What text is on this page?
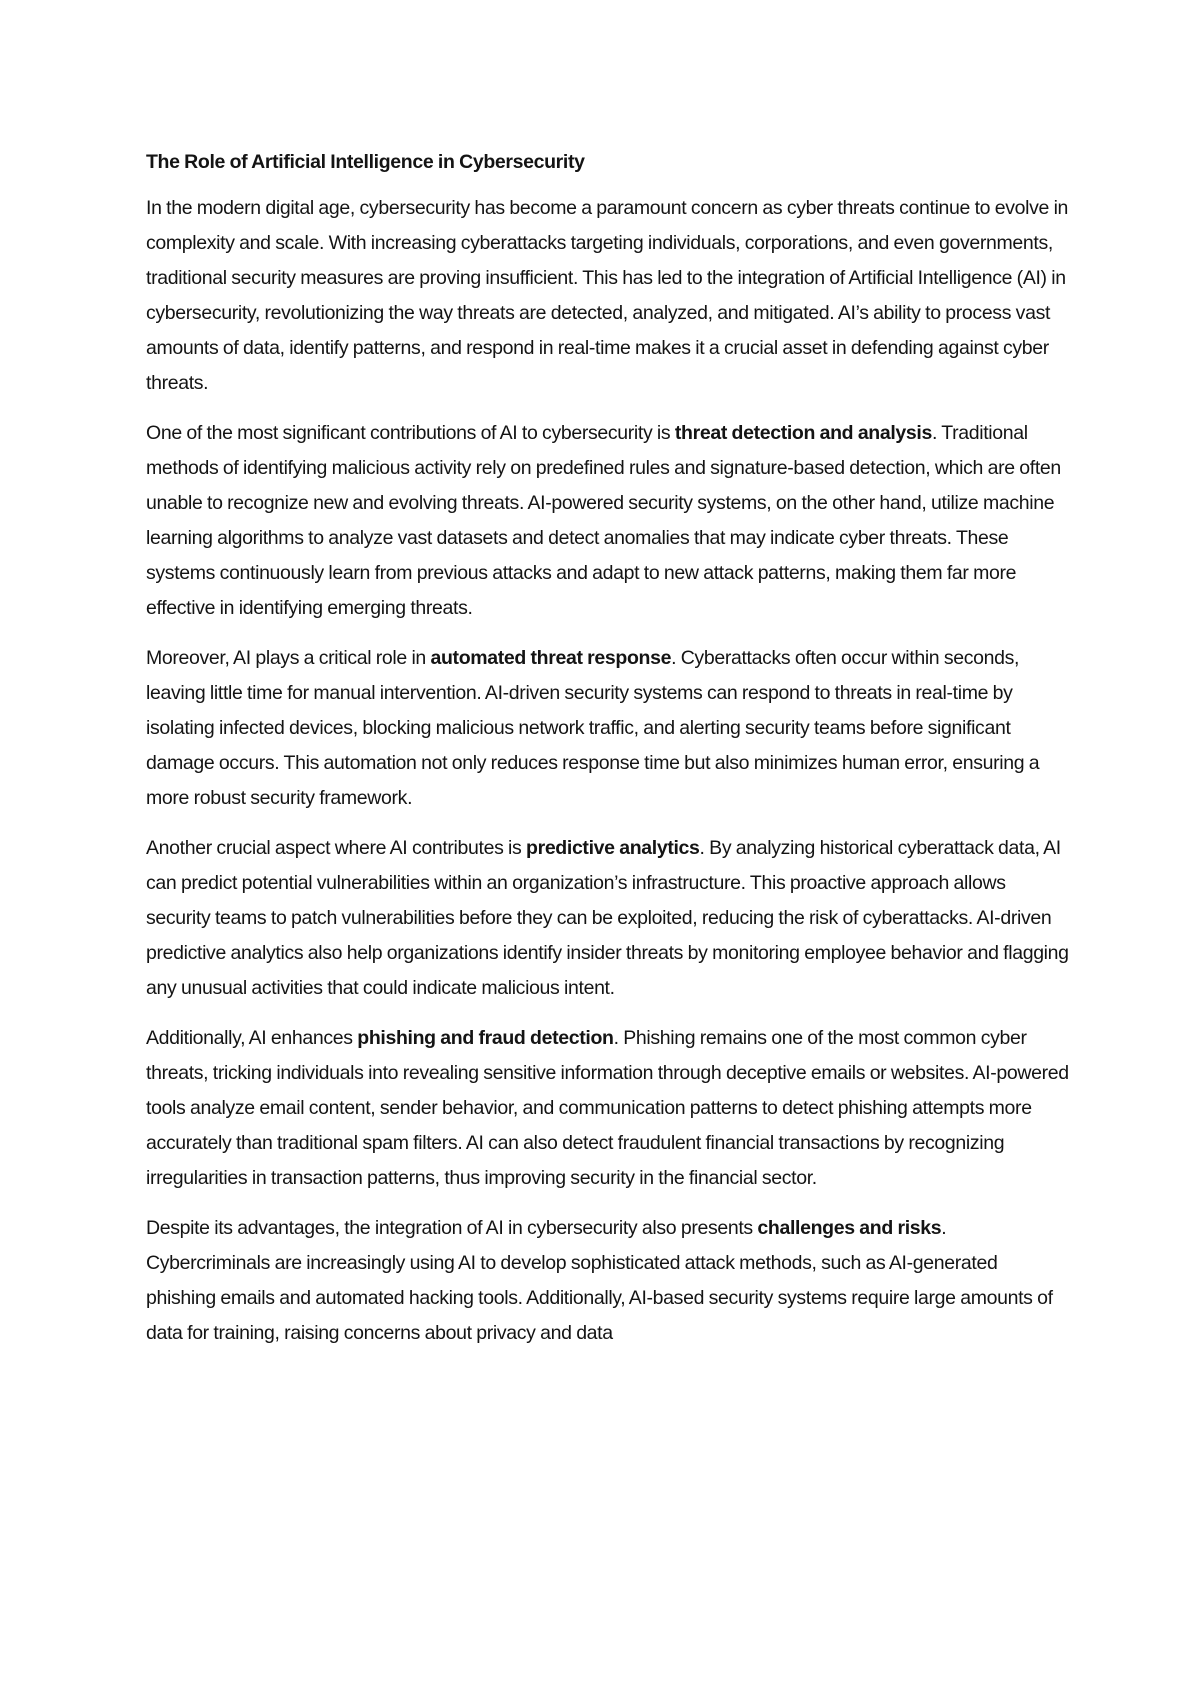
The Role of Artificial Intelligence in Cybersecurity

In the modern digital age, cybersecurity has become a paramount concern as cyber threats continue to evolve in complexity and scale. With increasing cyberattacks targeting individuals, corporations, and even governments, traditional security measures are proving insufficient. This has led to the integration of Artificial Intelligence (AI) in cybersecurity, revolutionizing the way threats are detected, analyzed, and mitigated. AI’s ability to process vast amounts of data, identify patterns, and respond in real-time makes it a crucial asset in defending against cyber threats.

One of the most significant contributions of AI to cybersecurity is threat detection and analysis. Traditional methods of identifying malicious activity rely on predefined rules and signature-based detection, which are often unable to recognize new and evolving threats. AI-powered security systems, on the other hand, utilize machine learning algorithms to analyze vast datasets and detect anomalies that may indicate cyber threats. These systems continuously learn from previous attacks and adapt to new attack patterns, making them far more effective in identifying emerging threats.

Moreover, AI plays a critical role in automated threat response. Cyberattacks often occur within seconds, leaving little time for manual intervention. AI-driven security systems can respond to threats in real-time by isolating infected devices, blocking malicious network traffic, and alerting security teams before significant damage occurs. This automation not only reduces response time but also minimizes human error, ensuring a more robust security framework.

Another crucial aspect where AI contributes is predictive analytics. By analyzing historical cyberattack data, AI can predict potential vulnerabilities within an organization’s infrastructure. This proactive approach allows security teams to patch vulnerabilities before they can be exploited, reducing the risk of cyberattacks. AI-driven predictive analytics also help organizations identify insider threats by monitoring employee behavior and flagging any unusual activities that could indicate malicious intent.

Additionally, AI enhances phishing and fraud detection. Phishing remains one of the most common cyber threats, tricking individuals into revealing sensitive information through deceptive emails or websites. AI-powered tools analyze email content, sender behavior, and communication patterns to detect phishing attempts more accurately than traditional spam filters. AI can also detect fraudulent financial transactions by recognizing irregularities in transaction patterns, thus improving security in the financial sector.

Despite its advantages, the integration of AI in cybersecurity also presents challenges and risks. Cybercriminals are increasingly using AI to develop sophisticated attack methods, such as AI-generated phishing emails and automated hacking tools. Additionally, AI-based security systems require large amounts of data for training, raising concerns about privacy and data
